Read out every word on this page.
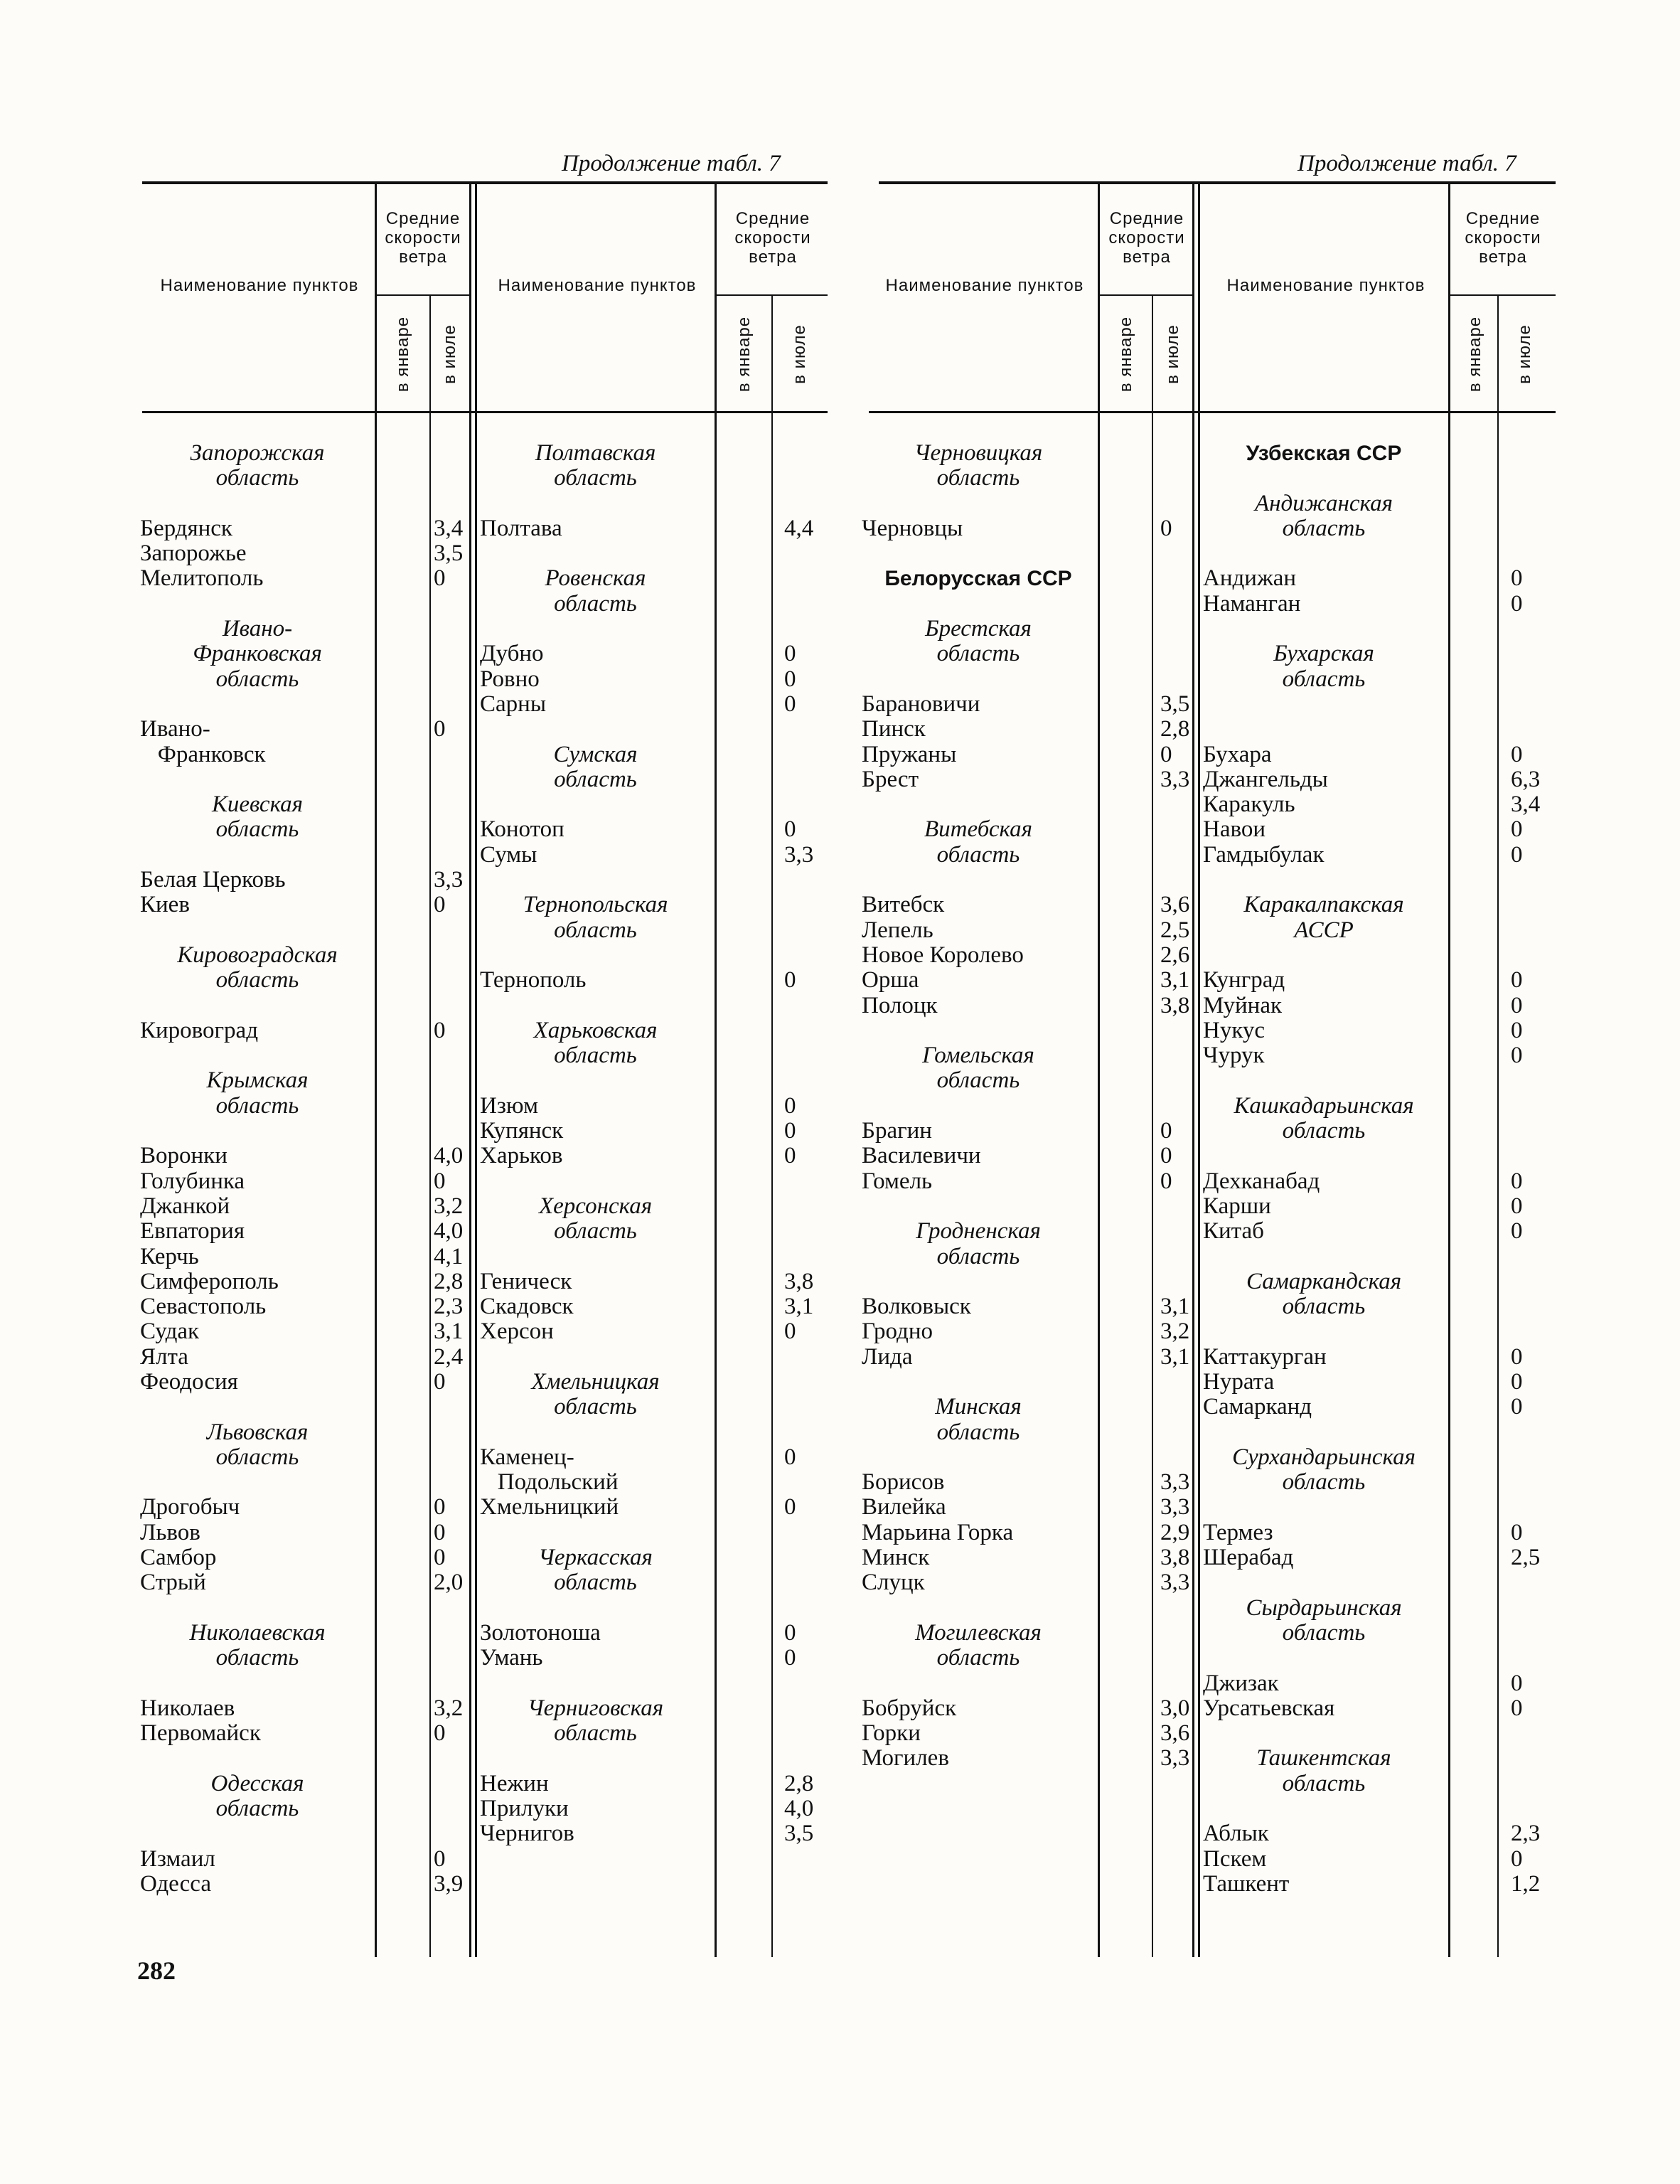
Продолжение табл. 7	Продолжение табл. 7
Наименование пунктов
Средние скорости ветра
в январе в июле
Наименование пунктов
Средние скорости ветра
в январе в июле
Наименование пунктов
Средние скорости ветра
в январе в июле
Наименование пунктов
Средние скорости ветра
в январе в июле
Запорожская
область
Бердянск	3,4
Запорожье	3,5
Мелитополь	0
Ивано-
Франковская
область
Ивано-	0
Франковск
Киевская
область
Белая Церковь	3,3
Киев	0
Кировоградская
область
Кировоград	0
Крымская
область
Воронки	4,0
Голубинка	0
Джанкой	3,2
Евпатория	4,0
Керчь	4,1
Симферополь	2,8
Севастополь	2,3
Судак	3,1
Ялта	2,4
Феодосия	0
Львовская
область
Дрогобыч	0
Львов	0
Самбор	0
Стрый	2,0
Николаевская
область
Николаев	3,2
Первомайск	0
Одесская
область
Измаил	0
Одесса	3,9
Полтавская
область
Полтава	4,4
Ровенская
область
Дубно	0
Ровно	0
Сарны	0
Сумская
область
Конотоп	0
Сумы	3,3
Тернопольская
область
Тернополь	0
Харьковская
область
Изюм	0
Купянск	0
Харьков	0
Херсонская
область
Геническ	3,8
Скадовск	3,1
Херсон	0
Хмельницкая
область
Каменец-	0
Подольский
Хмельницкий	0
Черкасская
область
Золотоноша	0
Умань	0
Черниговская
область
Нежин	2,8
Прилуки	4,0
Чернигов	3,5
Черновицкая
область
Черновцы	0
Белорусская ССР
Брестская
область
Барановичи	3,5
Пинск	2,8
Пружаны	0
Брест	3,3
Витебская
область
Витебск	3,6
Лепель	2,5
Новое Королево	2,6
Орша	3,1
Полоцк	3,8
Гомельская
область
Брагин	0
Василевичи	0
Гомель	0
Гродненская
область
Волковыск	3,1
Гродно	3,2
Лида	3,1
Минская
область
Борисов	3,3
Вилейка	3,3
Марьина Горка	2,9
Минск	3,8
Слуцк	3,3
Могилевская
область
Бобруйск	3,0
Горки	3,6
Могилев	3,3
Узбекская ССР
Андижанская
область
Андижан	0
Наманган	0
Бухарская
область
Бухара	0
Джангельды	6,3
Каракуль	3,4
Навои	0
Гамдыбулак	0
Каракалпакская
АССР
Кунград	0
Муйнак	0
Нукус	0
Чурук	0
Кашкадарьинская
область
Дехканабад	0
Карши	0
Китаб	0
Самаркандская
область
Каттакурган	0
Нурата	0
Самарканд	0
Сурхандарьинская
область
Термез	0
Шерабад	2,5
Сырдарьинская
область
Джизак	0
Урсатьевская	0
Ташкентская
область
Аблык	2,3
Пскем	0
Ташкент	1,2
282
